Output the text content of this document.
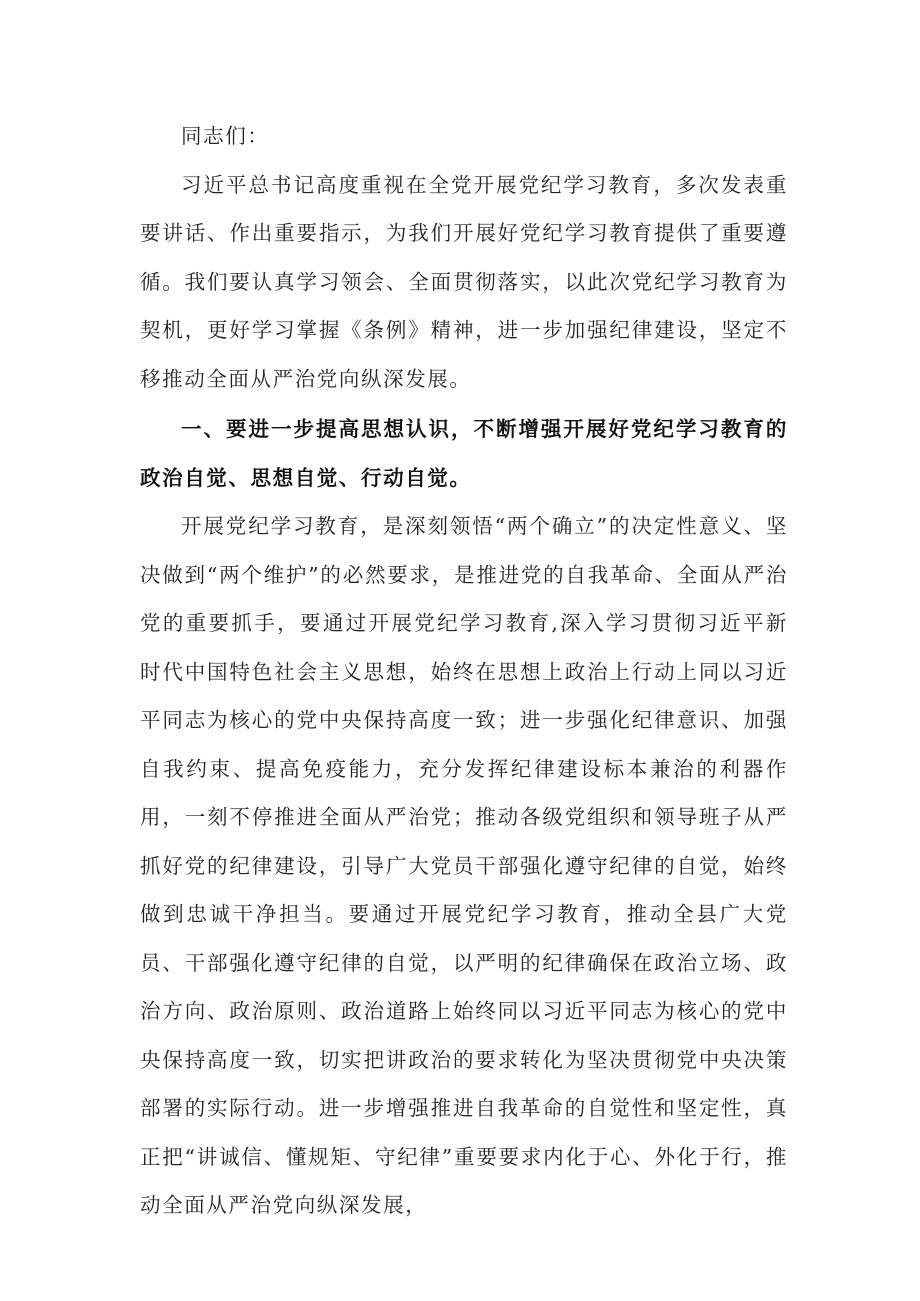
同志们：

习近平总书记高度重视在全党开展党纪学习教育，多次发表重要讲话、作出重要指示，为我们开展好党纪学习教育提供了重要遵循。我们要认真学习领会、全面贯彻落实，以此次党纪学习教育为契机，更好学习掌握《条例》精神，进一步加强纪律建设，坚定不移推动全面从严治党向纵深发展。

一、要进一步提高思想认识，不断增强开展好党纪学习教育的政治自觉、思想自觉、行动自觉。

开展党纪学习教育，是深刻领悟“两个确立”的决定性意义、坚决做到“两个维护”的必然要求，是推进党的自我革命、全面从严治党的重要抓手，要通过开展党纪学习教育,深入学习贯彻习近平新时代中国特色社会主义思想，始终在思想上政治上行动上同以习近平同志为核心的党中央保持高度一致；进一步强化纪律意识、加强自我约束、提高免疫能力，充分发挥纪律建设标本兼治的利器作用，一刻不停推进全面从严治党；推动各级党组织和领导班子从严抓好党的纪律建设，引导广大党员干部强化遵守纪律的自觉，始终做到忠诚干净担当。要通过开展党纪学习教育，推动全县广大党员、干部强化遵守纪律的自觉，以严明的纪律确保在政治立场、政治方向、政治原则、政治道路上始终同以习近平同志为核心的党中央保持高度一致，切实把讲政治的要求转化为坚决贯彻党中央决策部署的实际行动。进一步增强推进自我革命的自觉性和坚定性，真正把“讲诚信、懂规矩、守纪律”重要要求内化于心、外化于行，推动全面从严治党向纵深发展，
